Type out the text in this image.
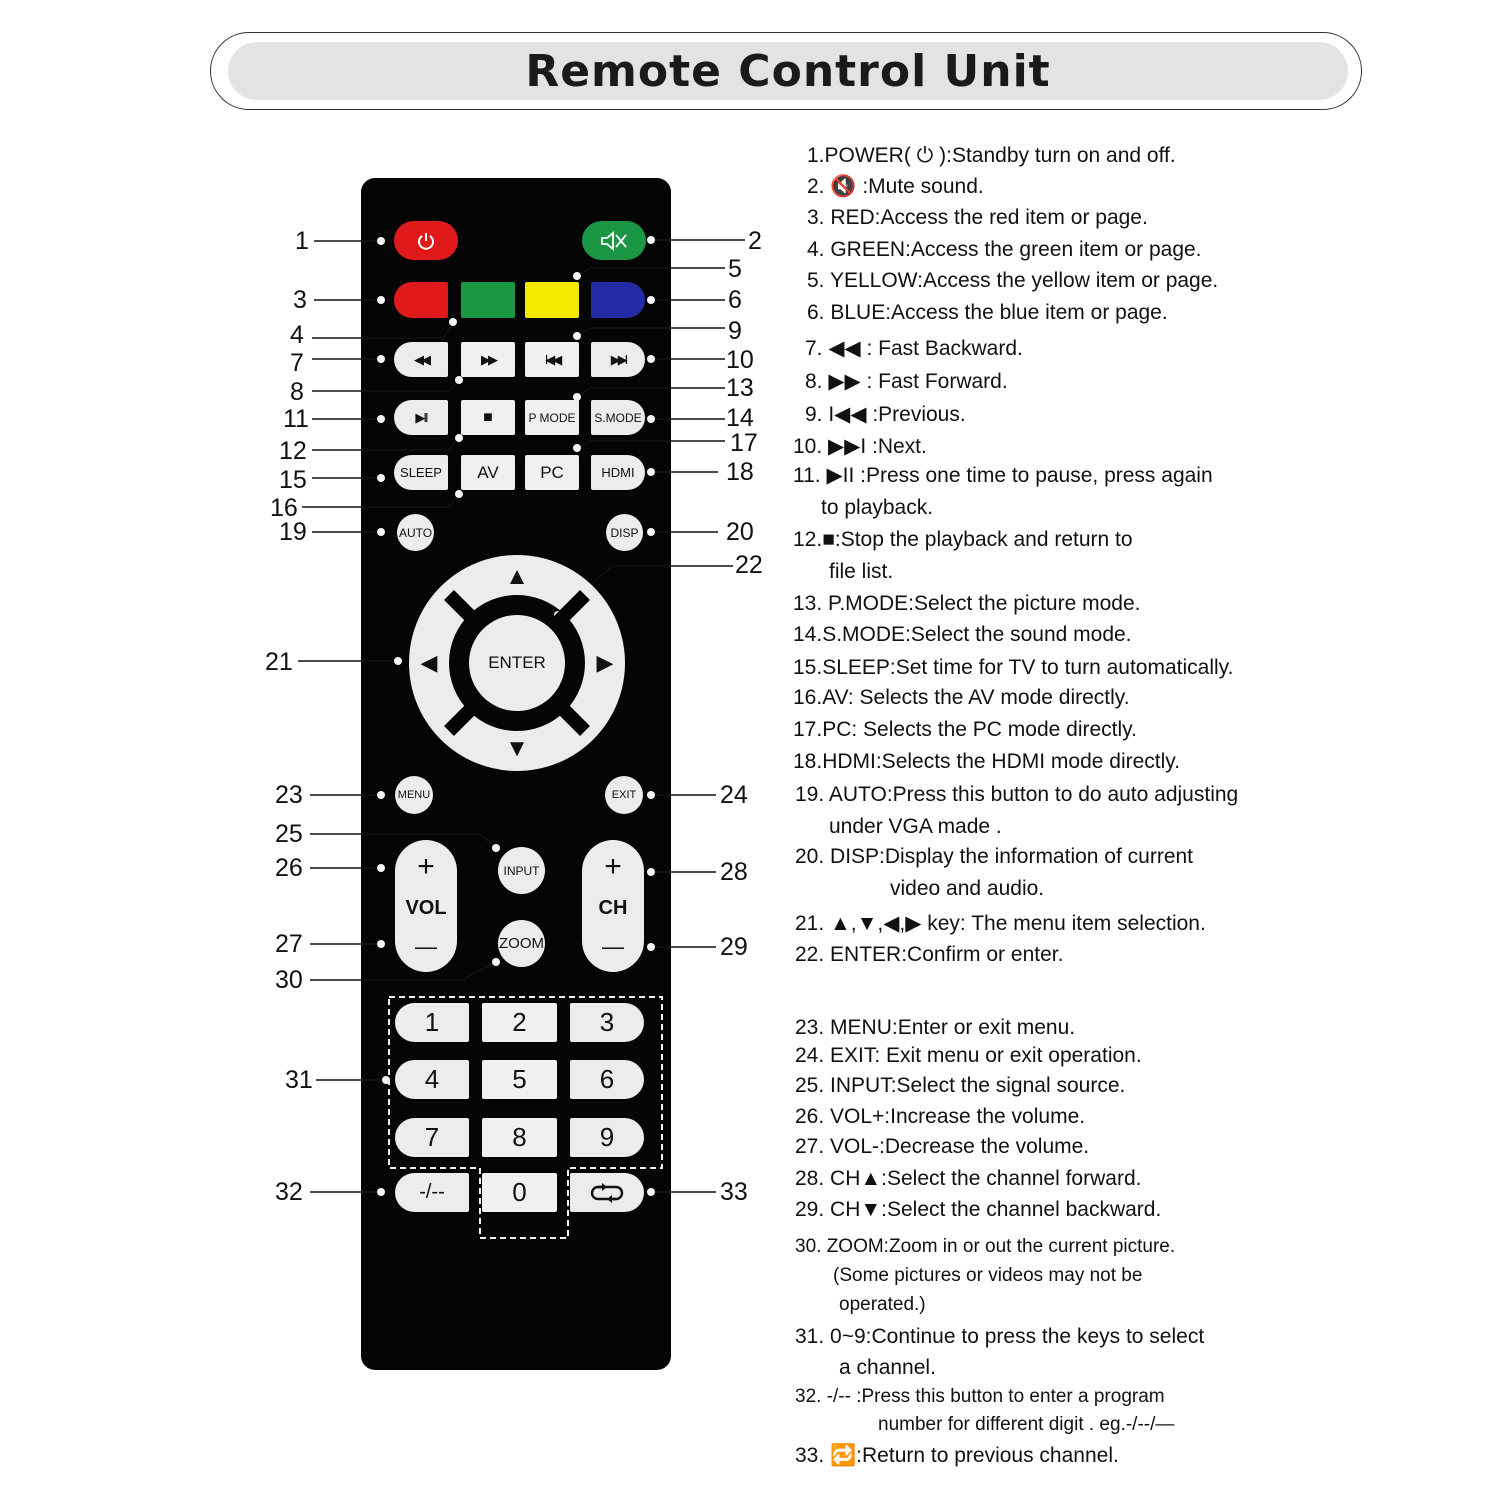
Remote Control Unit
◀◀	▶▶	I◀◀	▶▶I
▶II	■	P MODE S.MODE
SLEEP AV PC	HDMI
AUTO	DISP
▲
▼
◀	▶
ENTER
MENU	EXIT
+
VOL
—
+
CH
—
INPUT
ZOOM
1	2	3
4	5	6
7	8	9
-/--	0
1	2
3
4
5
6
7
8
9
10
11
12
13
14
15
16
17
18
19	20
21
22
23	24
25
26
27
28
29
30
31
32	33
1.POWER( ⏻ ):Standby turn on and off.
2. 🔇 :Mute sound.
3. RED:Access the red item or page.
4. GREEN:Access the green item or page.
5. YELLOW:Access the yellow item or page.
6. BLUE:Access the blue item or page.
7. ◀◀ : Fast Backward.
8. ▶▶ : Fast Forward.
9. I◀◀ :Previous.
10. ▶▶I :Next.
11. ▶II :Press one time to pause, press again
to playback.
12.■:Stop the playback and return to
file list.
13. P.MODE:Select the picture mode.
14.S.MODE:Select the sound mode.
15.SLEEP:Set time for TV to turn automatically.
16.AV: Selects the AV mode directly.
17.PC: Selects the PC mode directly.
18.HDMI:Selects the HDMI mode directly.
19. AUTO:Press this button to do auto adjusting
under VGA made .
20. DISP:Display the information of current
video and audio.
21. ▲,▼,◀,▶ key: The menu item selection.
22. ENTER:Confirm or enter.
23. MENU:Enter or exit menu.
24. EXIT: Exit menu or exit operation.
25. INPUT:Select the signal source.
26. VOL+:Increase the volume.
27. VOL-:Decrease the volume.
28. CH▲:Select the channel forward.
29. CH▼:Select the channel backward.
30. ZOOM:Zoom in or out the current picture.
(Some pictures or videos may not be
operated.)
31. 0~9:Continue to press the keys to select
a channel.
32. -/-- :Press this button to enter a program
number for different digit . eg.-/--/—
33. 🔁:Return to previous channel.
